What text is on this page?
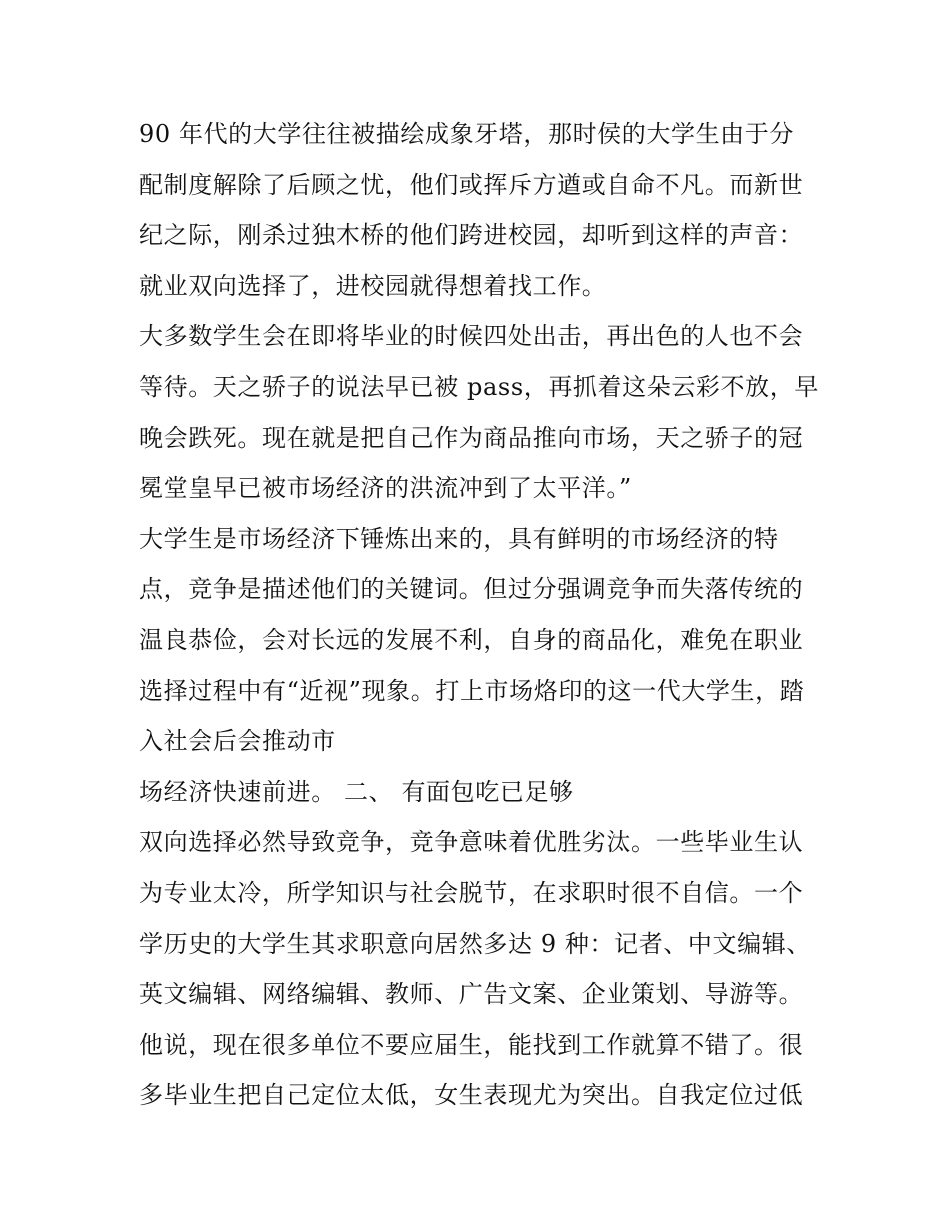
90 年代的大学往往被描绘成象牙塔，那时侯的大学生由于分
配制度解除了后顾之忧，他们或挥斥方遒或自命不凡。而新世
纪之际，刚杀过独木桥的他们跨进校园，却听到这样的声音：
就业双向选择了，进校园就得想着找工作。
大多数学生会在即将毕业的时候四处出击，再出色的人也不会
等待。天之骄子的说法早已被 pass，再抓着这朵云彩不放，早
晚会跌死。现在就是把自己作为商品推向市场，天之骄子的冠
冕堂皇早已被市场经济的洪流冲到了太平洋。”
大学生是市场经济下锤炼出来的，具有鲜明的市场经济的特
点，竞争是描述他们的关键词。但过分强调竞争而失落传统的
温良恭俭，会对长远的发展不利，自身的商品化，难免在职业
选择过程中有“近视”现象。打上市场烙印的这一代大学生，踏
入社会后会推动市
场经济快速前进。 二、 有面包吃已足够
双向选择必然导致竞争，竞争意味着优胜劣汰。一些毕业生认
为专业太冷，所学知识与社会脱节，在求职时很不自信。一个
学历史的大学生其求职意向居然多达 9 种：记者、中文编辑、
英文编辑、网络编辑、教师、广告文案、企业策划、导游等。
他说，现在很多单位不要应届生，能找到工作就算不错了。很
多毕业生把自己定位太低，女生表现尤为突出。自我定位过低
